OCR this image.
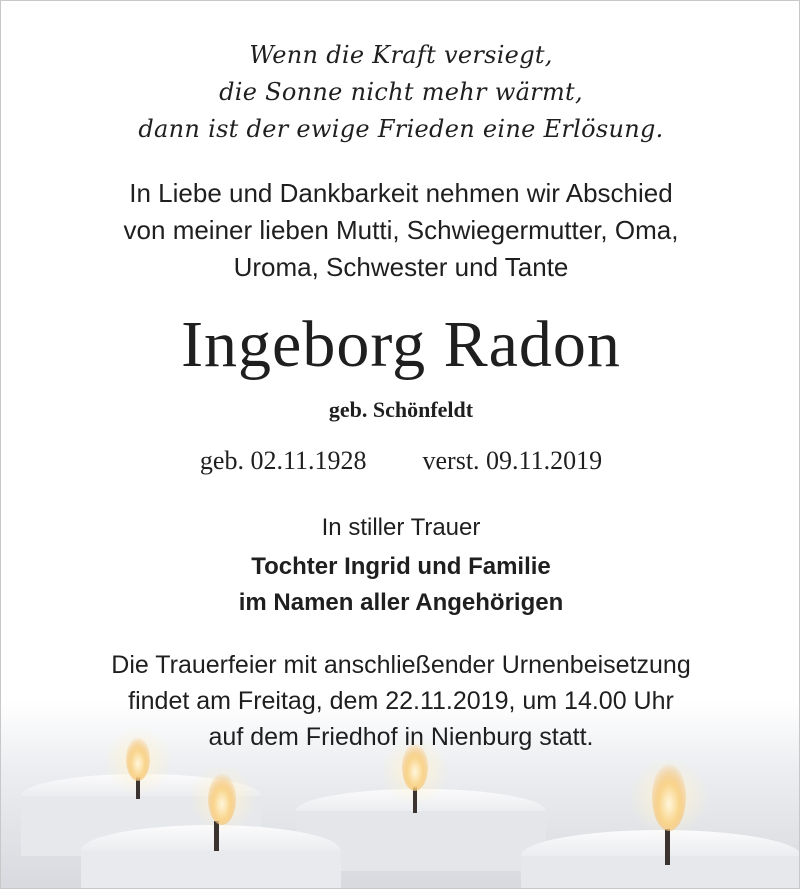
Wenn die Kraft versiegt,
die Sonne nicht mehr wärmt,
dann ist der ewige Frieden eine Erlösung.
In Liebe und Dankbarkeit nehmen wir Abschied
von meiner lieben Mutti, Schwiegermutter, Oma,
Uroma, Schwester und Tante
Ingeborg Radon
geb. Schönfeldt
geb. 02.11.1928 verst. 09.11.2019
In stiller Trauer
Tochter Ingrid und Familie
im Namen aller Angehörigen
Die Trauerfeier mit anschließender Urnenbeisetzung
findet am Freitag, dem 22.11.2019, um 14.00 Uhr
auf dem Friedhof in Nienburg statt.
